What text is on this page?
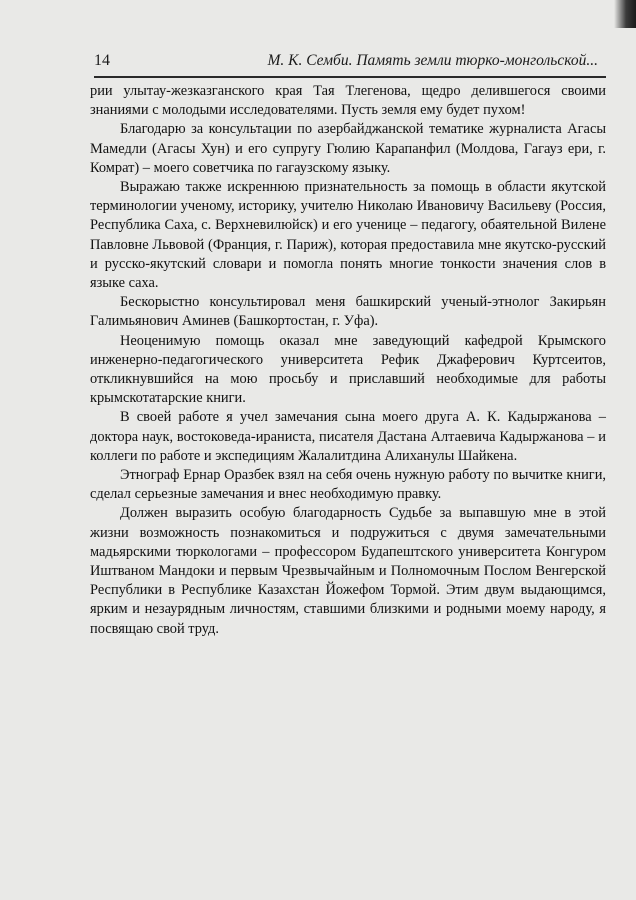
14	М. К. Семби. Память земли тюрко-монгольской...

рии улытау-жезказганского края Тая Тлегенова, щедро делившегося своими знаниями с молодыми исследователями. Пусть земля ему будет пухом!

Благодарю за консультации по азербайджанской тематике журналиста Агасы Мамедли (Агасы Хун) и его супругу Гюлию Карапанфил (Молдова, Гагауз ери, г. Комрат) – моего советчика по гагаузскому языку.

Выражаю также искреннюю признательность за помощь в области якутской терминологии ученому, историку, учителю Николаю Ивановичу Васильеву (Россия, Республика Саха, с. Верхневилюйск) и его ученице – педагогу, обаятельной Вилене Павловне Львовой (Франция, г. Париж), которая предоставила мне якутско-русский и русско-якутский словари и помогла понять многие тонкости значения слов в языке саха.

Бескорыстно консультировал меня башкирский ученый-этнолог Закирьян Галимьянович Аминев (Башкортостан, г. Уфа).

Неоценимую помощь оказал мне заведующий кафедрой Крымского инженерно-педагогического университета Рефик Джаферович Куртсеитов, откликнувшийся на мою просьбу и приславший необходимые для работы крымскотатарские книги.

В своей работе я учел замечания сына моего друга А. К. Кадыржанова – доктора наук, востоковеда-ираниста, писателя Дастана Алтаевича Кадыржанова – и коллеги по работе и экспедициям Жалалитдина Алиханулы Шайкена.

Этнограф Ернар Оразбек взял на себя очень нужную работу по вычитке книги, сделал серьезные замечания и внес необходимую правку.

Должен выразить особую благодарность Судьбе за выпавшую мне в этой жизни возможность познакомиться и подружиться с двумя замечательными мадьярскими тюркологами – профессором Будапештского университета Конгуром Иштваном Мандоки и первым Чрезвычайным и Полномочным Послом Венгерской Республики в Республике Казахстан Йожефом Тормой. Этим двум выдающимся, ярким и незаурядным личностям, ставшими близкими и родными моему народу, я посвящаю свой труд.
